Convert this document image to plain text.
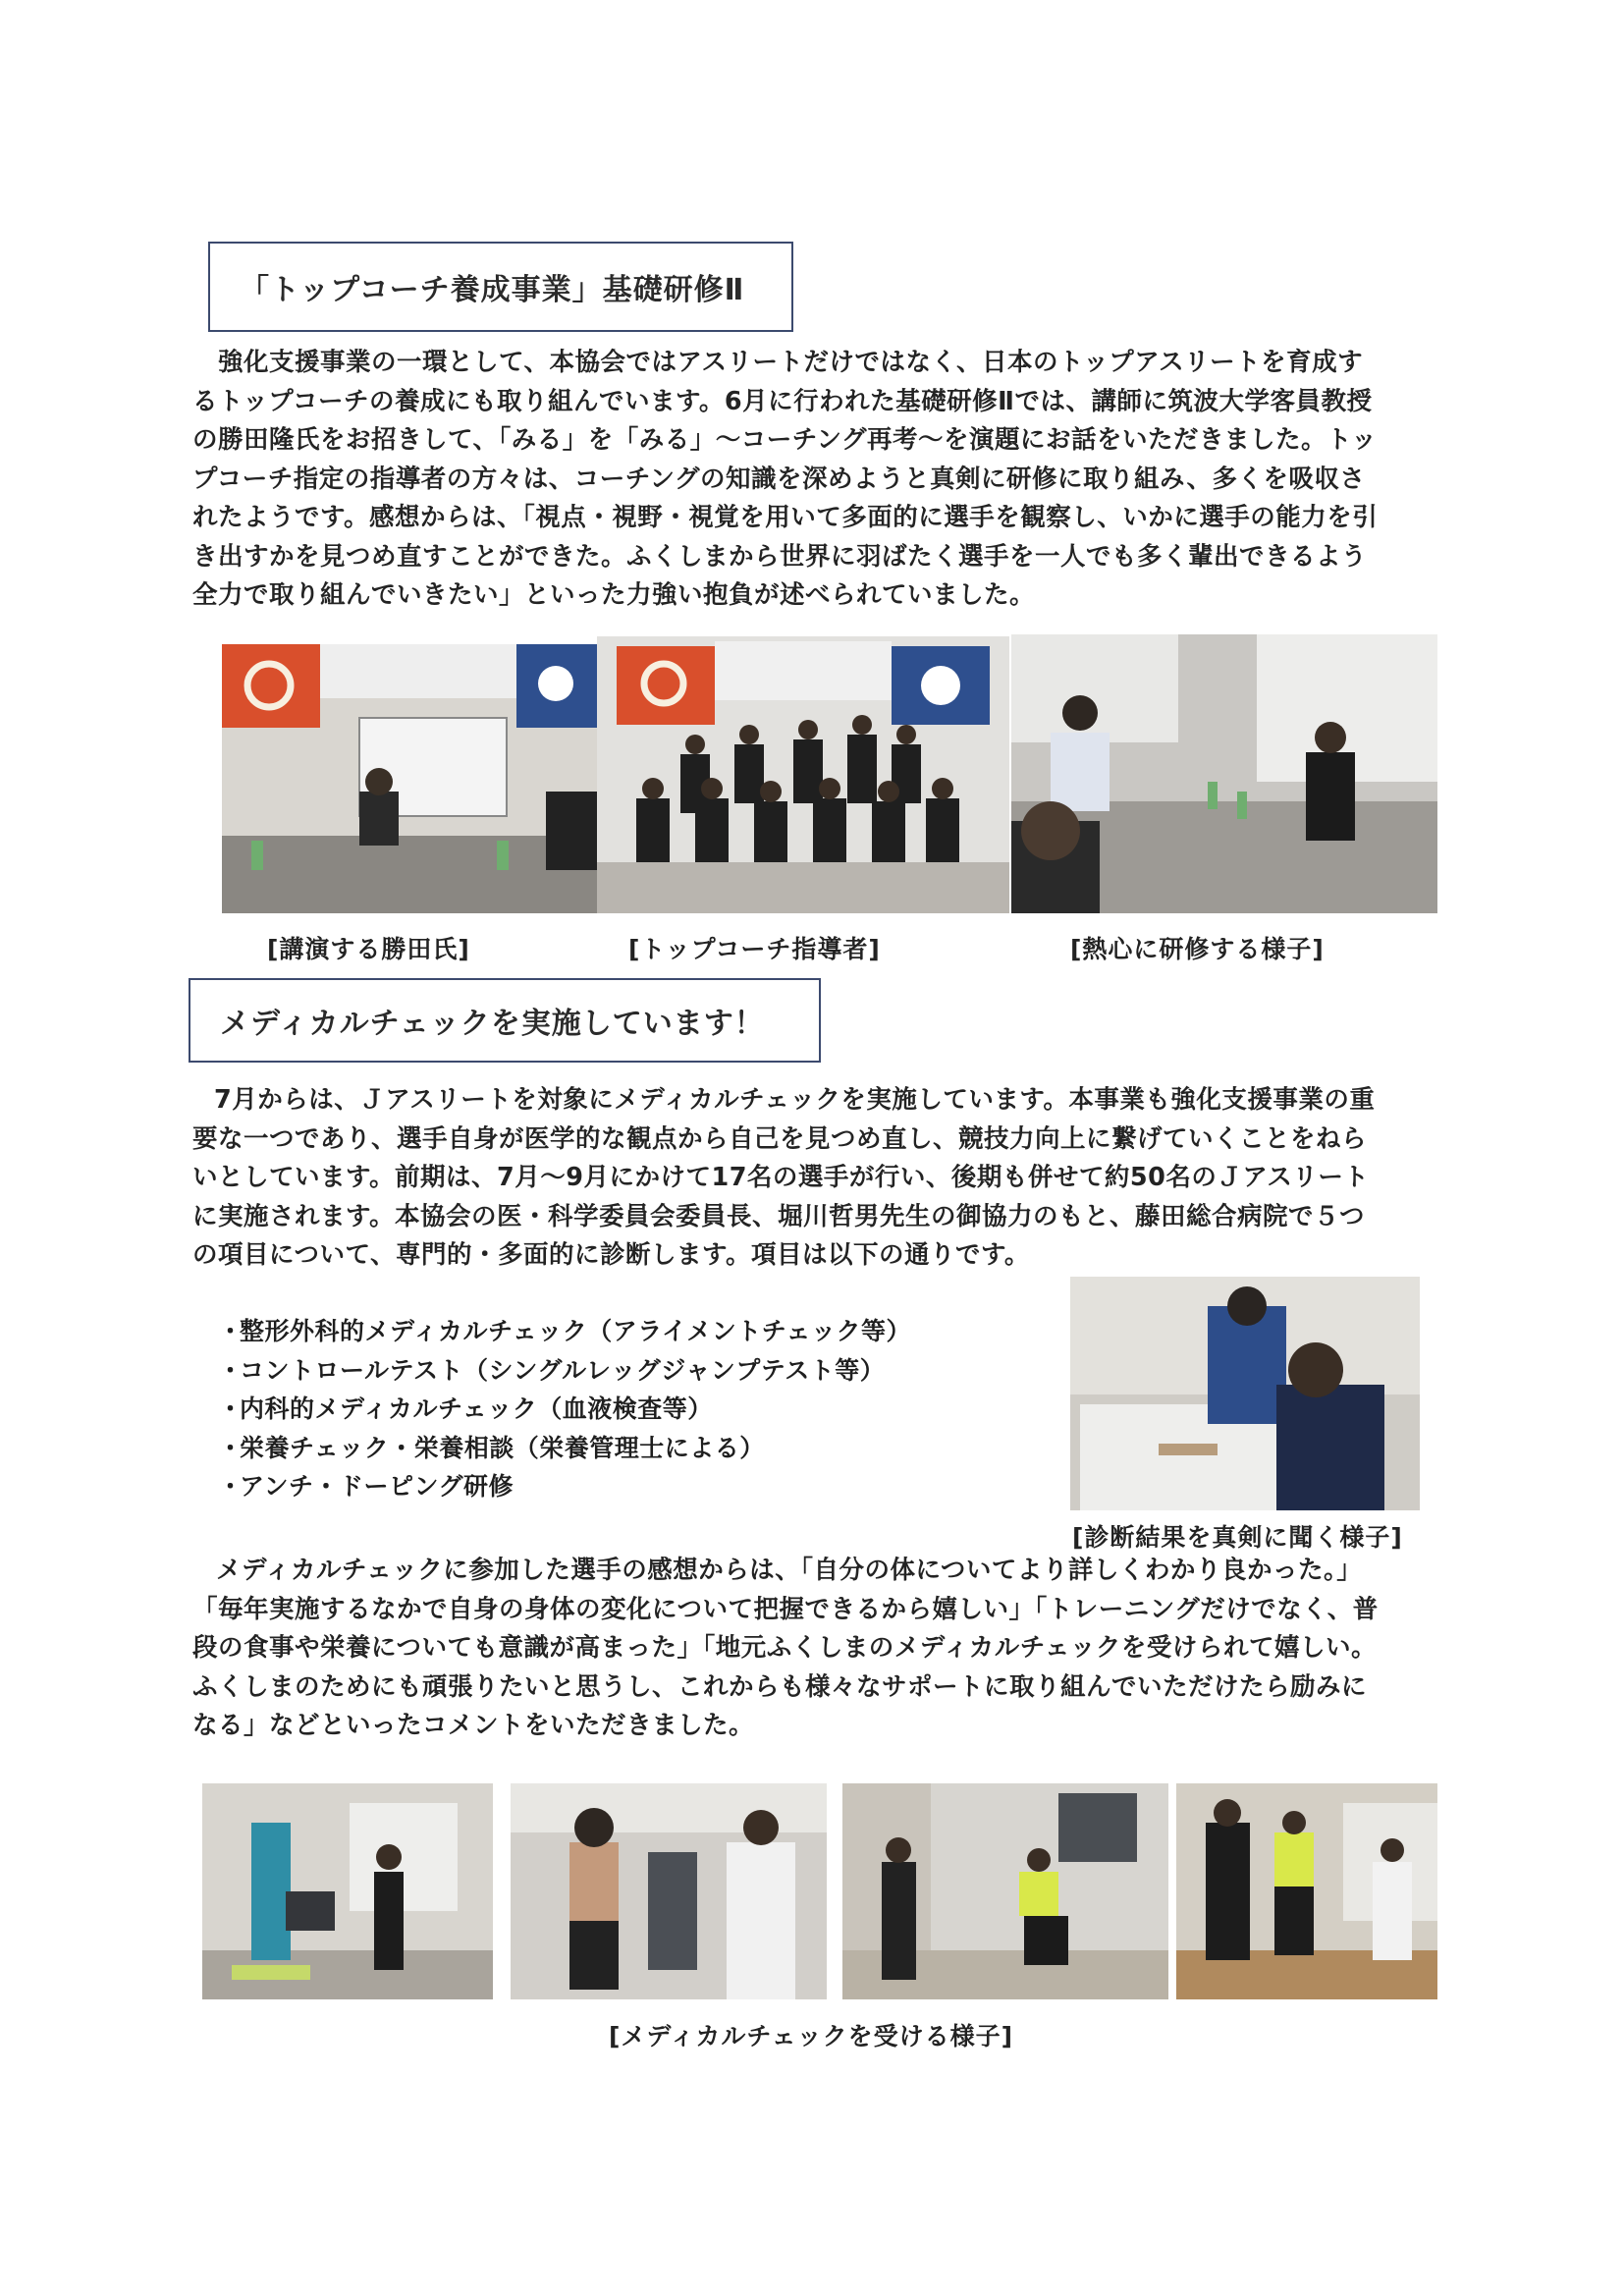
「トップコーチ養成事業」基礎研修Ⅱ
強化支援事業の一環として、本協会ではアスリートだけではなく、日本のトップアスリートを育成す
るトップコーチの養成にも取り組んでいます。6月に行われた基礎研修Ⅱでは、講師に筑波大学客員教授
の勝田隆氏をお招きして、「みる」を「みる」～コーチング再考～を演題にお話をいただきました。トッ
プコーチ指定の指導者の方々は、コーチングの知識を深めようと真剣に研修に取り組み、多くを吸収さ
れたようです。感想からは、「視点・視野・視覚を用いて多面的に選手を観察し、いかに選手の能力を引
き出すかを見つめ直すことができた。ふくしまから世界に羽ばたく選手を一人でも多く輩出できるよう
全力で取り組んでいきたい」といった力強い抱負が述べられていました。
[講演する勝田氏]	[トップコーチ指導者]	[熱心に研修する様子]
メディカルチェックを実施しています！
7月からは、Ｊアスリートを対象にメディカルチェックを実施しています。本事業も強化支援事業の重
要な一つであり、選手自身が医学的な観点から自己を見つめ直し、競技力向上に繋げていくことをねら
いとしています。前期は、7月～9月にかけて17名の選手が行い、後期も併せて約50名のＪアスリート
に実施されます。本協会の医・科学委員会委員長、堀川哲男先生の御協力のもと、藤田総合病院で５つ
の項目について、専門的・多面的に診断します。項目は以下の通りです。
・整形外科的メディカルチェック（アライメントチェック等）
・コントロールテスト（シングルレッグジャンプテスト等）
・内科的メディカルチェック（血液検査等）
・栄養チェック・栄養相談（栄養管理士による）
・アンチ・ドーピング研修
[診断結果を真剣に聞く様子]
メディカルチェックに参加した選手の感想からは、「自分の体についてより詳しくわかり良かった。」
「毎年実施するなかで自身の身体の変化について把握できるから嬉しい」「トレーニングだけでなく、普
段の食事や栄養についても意識が高まった」「地元ふくしまのメディカルチェックを受けられて嬉しい。
ふくしまのためにも頑張りたいと思うし、これからも様々なサポートに取り組んでいただけたら励みに
なる」などといったコメントをいただきました。
[メディカルチェックを受ける様子]
